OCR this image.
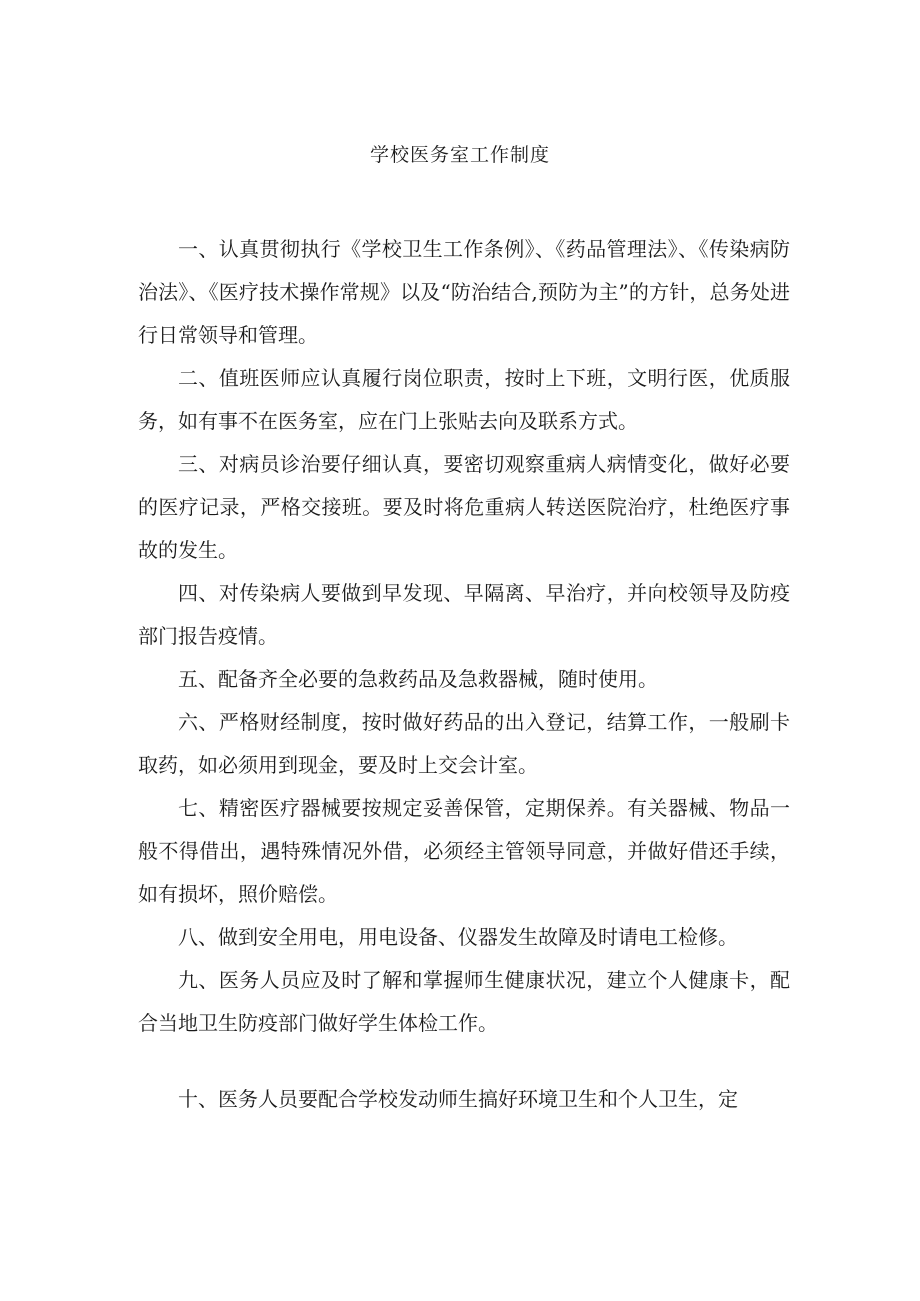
学校医务室工作制度

一、认真贯彻执行《学校卫生工作条例》、《药品管理法》、《传染病防治法》、《医疗技术操作常规》以及“防治结合,预防为主”的方针，总务处进行日常领导和管理。

二、值班医师应认真履行岗位职责，按时上下班，文明行医，优质服务，如有事不在医务室，应在门上张贴去向及联系方式。

三、对病员诊治要仔细认真，要密切观察重病人病情变化，做好必要的医疗记录，严格交接班。要及时将危重病人转送医院治疗，杜绝医疗事故的发生。

四、对传染病人要做到早发现、早隔离、早治疗，并向校领导及防疫部门报告疫情。

五、配备齐全必要的急救药品及急救器械，随时使用。

六、严格财经制度，按时做好药品的出入登记，结算工作，一般刷卡取药，如必须用到现金，要及时上交会计室。

七、精密医疗器械要按规定妥善保管，定期保养。有关器械、物品一般不得借出，遇特殊情况外借，必须经主管领导同意，并做好借还手续，如有损坏，照价赔偿。

八、做到安全用电，用电设备、仪器发生故障及时请电工检修。

九、医务人员应及时了解和掌握师生健康状况，建立个人健康卡，配合当地卫生防疫部门做好学生体检工作。

十、医务人员要配合学校发动师生搞好环境卫生和个人卫生，定
